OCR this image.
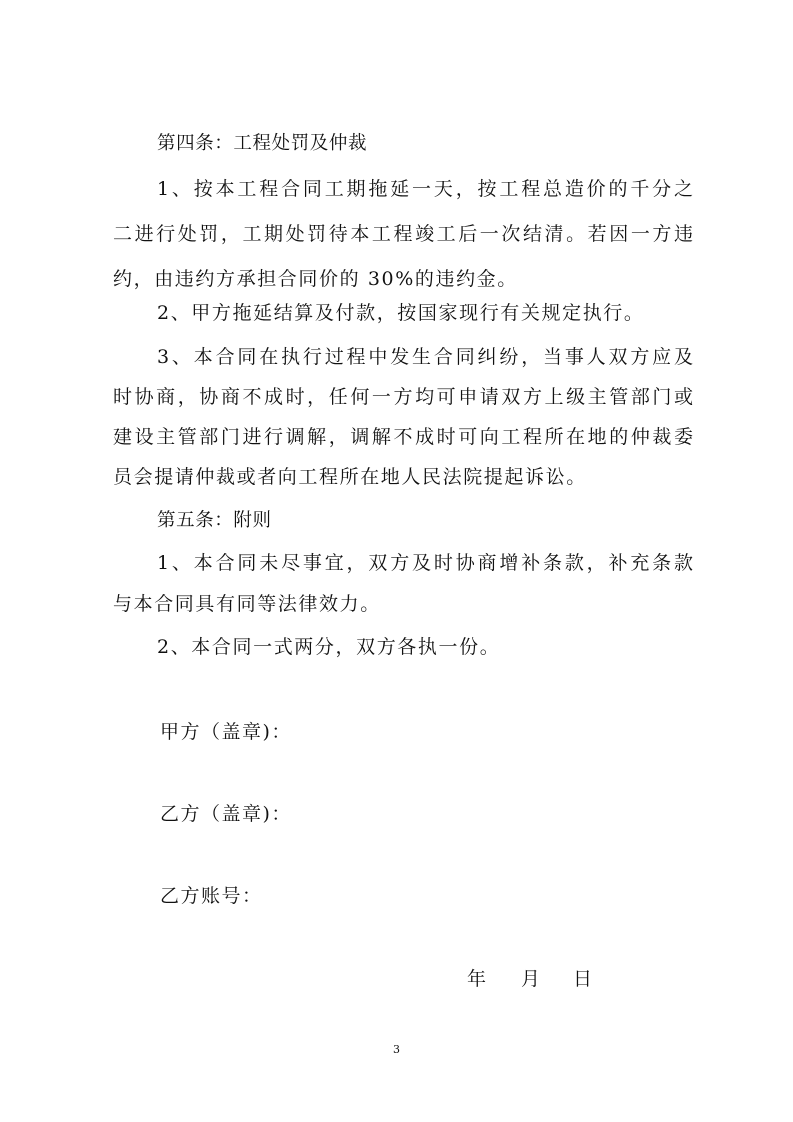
第四条：工程处罚及仲裁
1、按本工程合同工期拖延一天，按工程总造价的千分之
二进行处罚，工期处罚待本工程竣工后一次结清。若因一方违
约，由违约方承担合同价的 30%的违约金。
2、甲方拖延结算及付款，按国家现行有关规定执行。
3、本合同在执行过程中发生合同纠纷，当事人双方应及
时协商，协商不成时，任何一方均可申请双方上级主管部门或
建设主管部门进行调解，调解不成时可向工程所在地的仲裁委
员会提请仲裁或者向工程所在地人民法院提起诉讼。
第五条：附则
1、本合同未尽事宜，双方及时协商增补条款，补充条款
与本合同具有同等法律效力。
2、本合同一式两分，双方各执一份。
甲方（盖章)：
乙方（盖章)：
乙方账号：
年 月 日
3
